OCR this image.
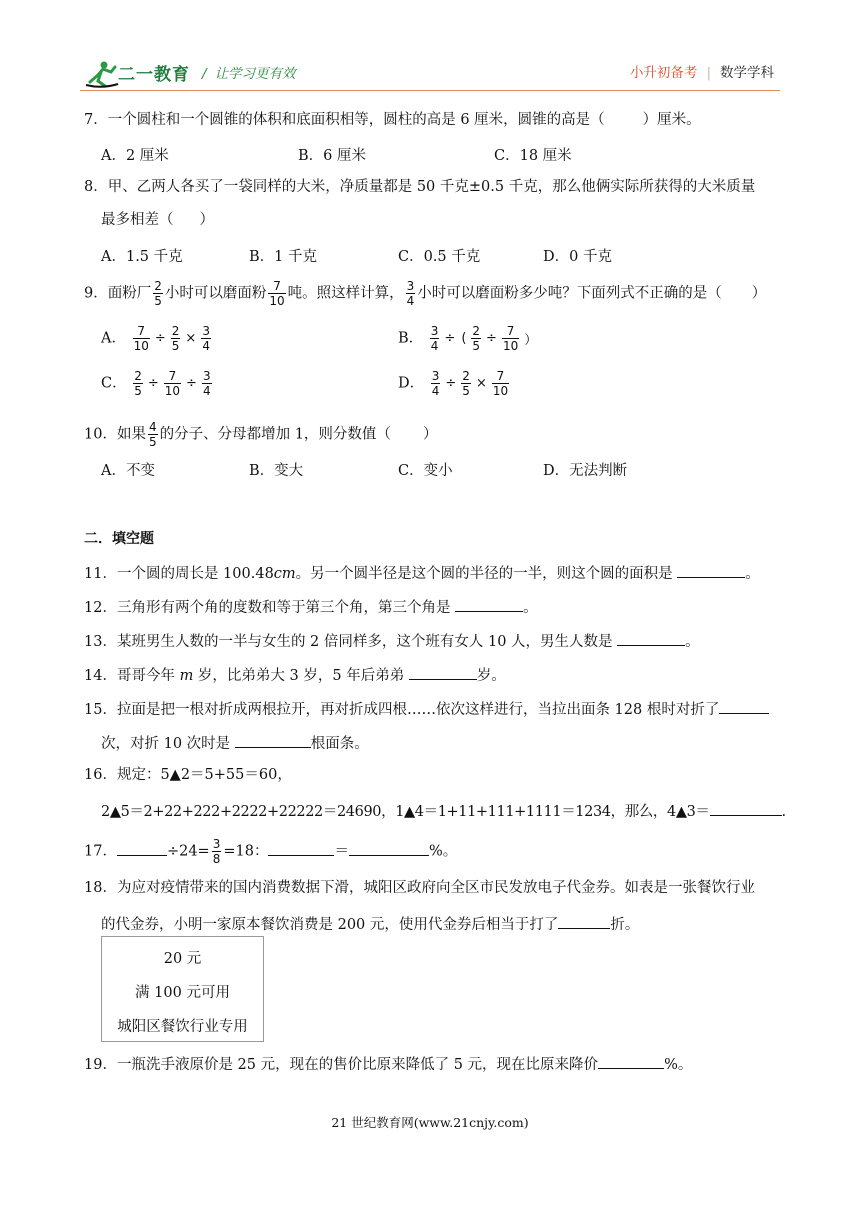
二一教育 / 让学习更有效	小升初备考 | 数学学科
7．一个圆柱和一个圆锥的体积和底面积相等，圆柱的高是 6 厘米，圆锥的高是（	）厘米。
A．2 厘米	B．6 厘米	C．18 厘米
8．甲、乙两人各买了一袋同样的大米，净质量都是 50 千克±0.5 千克，那么他俩实际所获得的大米质量
最多相差（ ）
A．1.5 千克	B．1 千克	C．0.5 千克	D．0 千克
9．面粉厂 $\frac{2}{5}$ 小时可以磨面粉 $\frac{7}{10}$ 吨。照这样计算， $\frac{3}{4}$ 小时可以磨面粉多少吨？下面列式不正确的是（ ）
A． $\frac{7}{10} \div \frac{2}{5} \times \frac{3}{4}$	B． $\frac{3}{4}$ ÷ ( $\frac{2}{5} \div \frac{7}{10}$ ）
C． $\frac{2}{5} \div \frac{7}{10} \div \frac{3}{4}$	D． $\frac{3}{4} \div \frac{2}{5} \times \frac{7}{10}$
10．如果 $\frac{4}{5}$ 的分子、分母都增加 1，则分数值（ ）
A．不变	B．变大	C．变小	D．无法判断
二．填空题
11．一个圆的周长是 100.48cm。另一个圆半径是这个圆的半径的一半，则这个圆的面积是	。
12．三角形有两个角的度数和等于第三个角，第三个角是	。
13．某班男生人数的一半与女生的 2 倍同样多，这个班有女人 10 人，男生人数是	。
14．哥哥今年 m 岁，比弟弟大 3 岁，5 年后弟弟	岁。
15．拉面是把一根对折成两根拉开，再对折成四根……依次这样进行，当拉出面条 128 根时对折了
次，对折 10 次时是	根面条。
16．规定：5▲2＝5+55＝60，
2▲5＝2+22+222+2222+22222＝24690，1▲4＝1+11+111+1111＝1234，那么，4▲3＝	.
17．	$\div 24= \frac{3}{8} =18$：	＝	%。
18．为应对疫情带来的国内消费数据下滑，城阳区政府向全区市民发放电子代金券。如表是一张餐饮行业
的代金券，小明一家原本餐饮消费是 200 元，使用代金券后相当于打了	折。
20 元
满 100 元可用
城阳区餐饮行业专用
19．一瓶洗手液原价是 25 元，现在的售价比原来降低了 5 元，现在比原来降价	%。
21 世纪教育网(www.21cnjy.com)
